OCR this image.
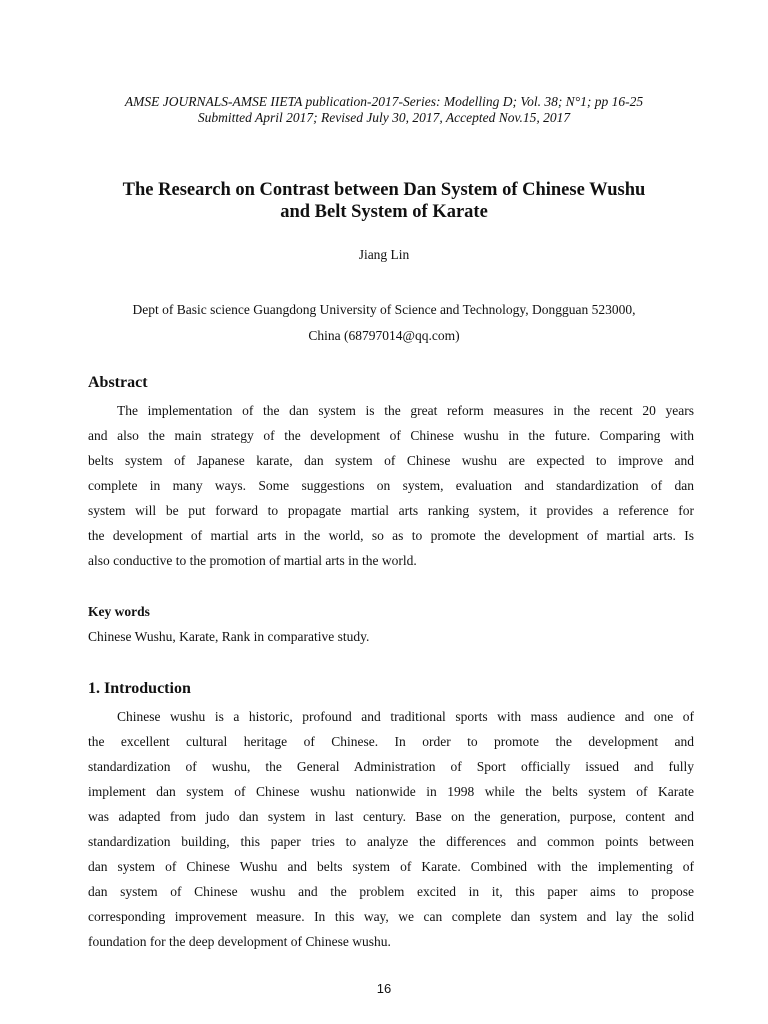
AMSE JOURNALS-AMSE IIETA publication-2017-Series: Modelling D; Vol. 38; N°1; pp 16-25
Submitted April 2017; Revised July 30, 2017, Accepted Nov.15, 2017
The Research on Contrast between Dan System of Chinese Wushu
and Belt System of Karate
Jiang Lin
Dept of Basic science Guangdong University of Science and Technology, Dongguan 523000,
China (68797014@qq.com)
Abstract
The implementation of the dan system is the great reform measures in the recent 20 years
and also the main strategy of the development of Chinese wushu in the future. Comparing with
belts system of Japanese karate, dan system of Chinese wushu are expected to improve and
complete in many ways. Some suggestions on system, evaluation and standardization of dan
system will be put forward to propagate martial arts ranking system, it provides a reference for
the development of martial arts in the world, so as to promote the development of martial arts. Is
also conductive to the promotion of martial arts in the world.
Key words
Chinese Wushu, Karate, Rank in comparative study.
1. Introduction
Chinese wushu is a historic, profound and traditional sports with mass audience and one of
the excellent cultural heritage of Chinese. In order to promote the development and
standardization of wushu, the General Administration of Sport officially issued and fully
implement dan system of Chinese wushu nationwide in 1998 while the belts system of Karate
was adapted from judo dan system in last century. Base on the generation, purpose, content and
standardization building, this paper tries to analyze the differences and common points between
dan system of Chinese Wushu and belts system of Karate. Combined with the implementing of
dan system of Chinese wushu and the problem excited in it, this paper aims to propose
corresponding improvement measure. In this way, we can complete dan system and lay the solid
foundation for the deep development of Chinese wushu.
16
